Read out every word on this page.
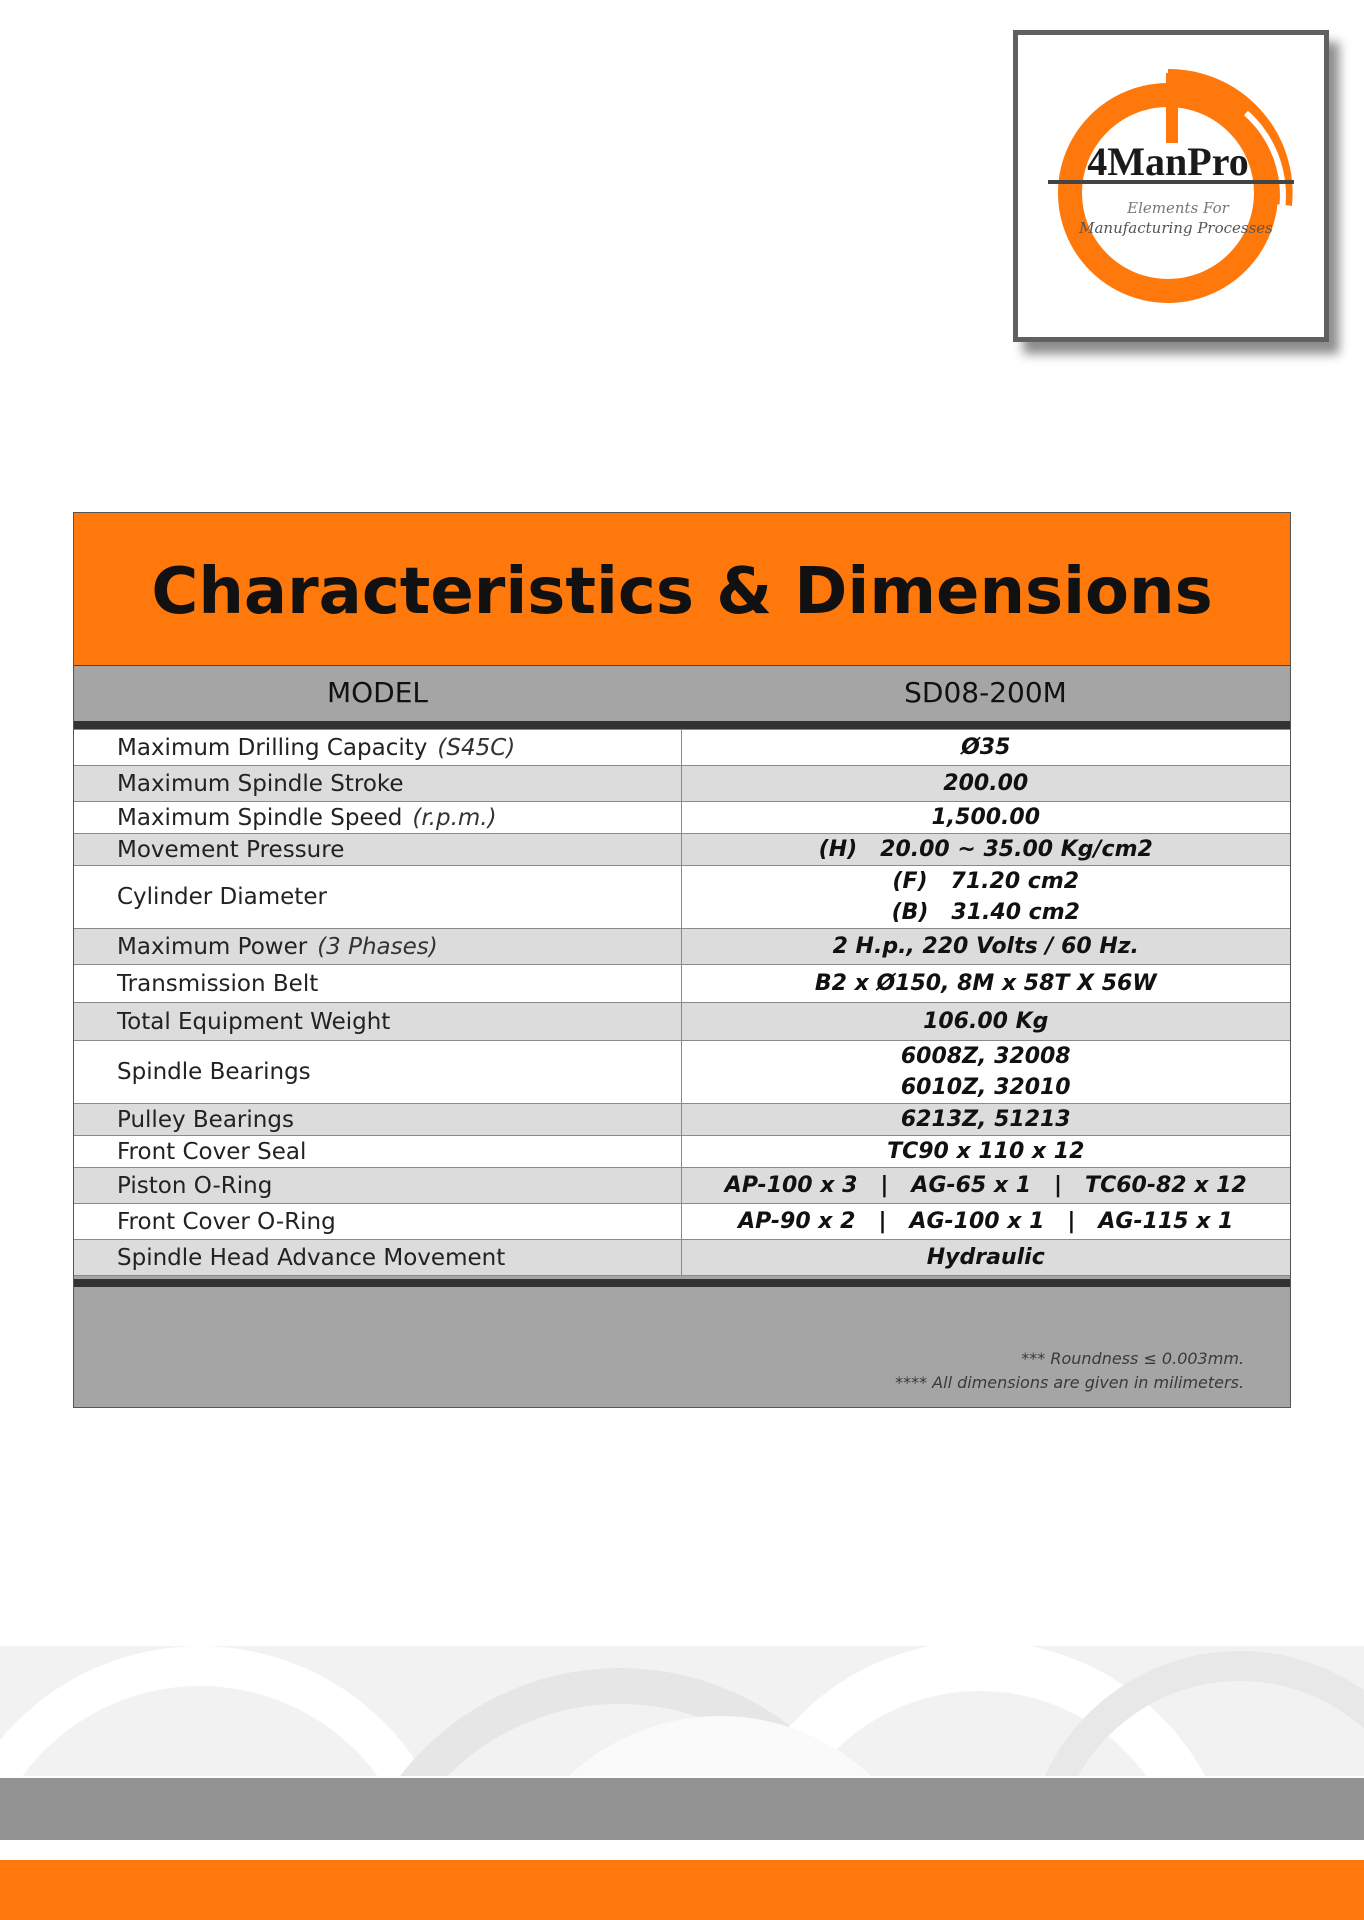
4ManPro
Elements For
Manufacturing Processes
Characteristics & Dimensions
MODEL	SD08-200M
Maximum Drilling Capacity (S45C)	Ø35

Maximum Spindle Stroke	200.00

Maximum Spindle Speed (r.p.m.)	1,500.00

Movement Pressure	(H)   20.00 ~ 35.00 Kg/cm2

Cylinder Diameter	(F)   71.20 cm2
(B)   31.40 cm2

Maximum Power (3 Phases)	2 H.p., 220 Volts / 60 Hz.

Transmission Belt	B2 x Ø150, 8M x 58T X 56W

Total Equipment Weight	106.00 Kg

Spindle Bearings	6008Z, 32008
6010Z, 32010

Pulley Bearings	6213Z, 51213

Front Cover Seal	TC90 x 110 x 12

Piston O-Ring	AP-100 x 3   |   AG-65 x 1   |   TC60-82 x 12

Front Cover O-Ring	AP-90 x 2   |   AG-100 x 1   |   AG-115 x 1

Spindle Head Advance Movement	Hydraulic
*** Roundness ≤ 0.003mm.
**** All dimensions are given in milimeters.
